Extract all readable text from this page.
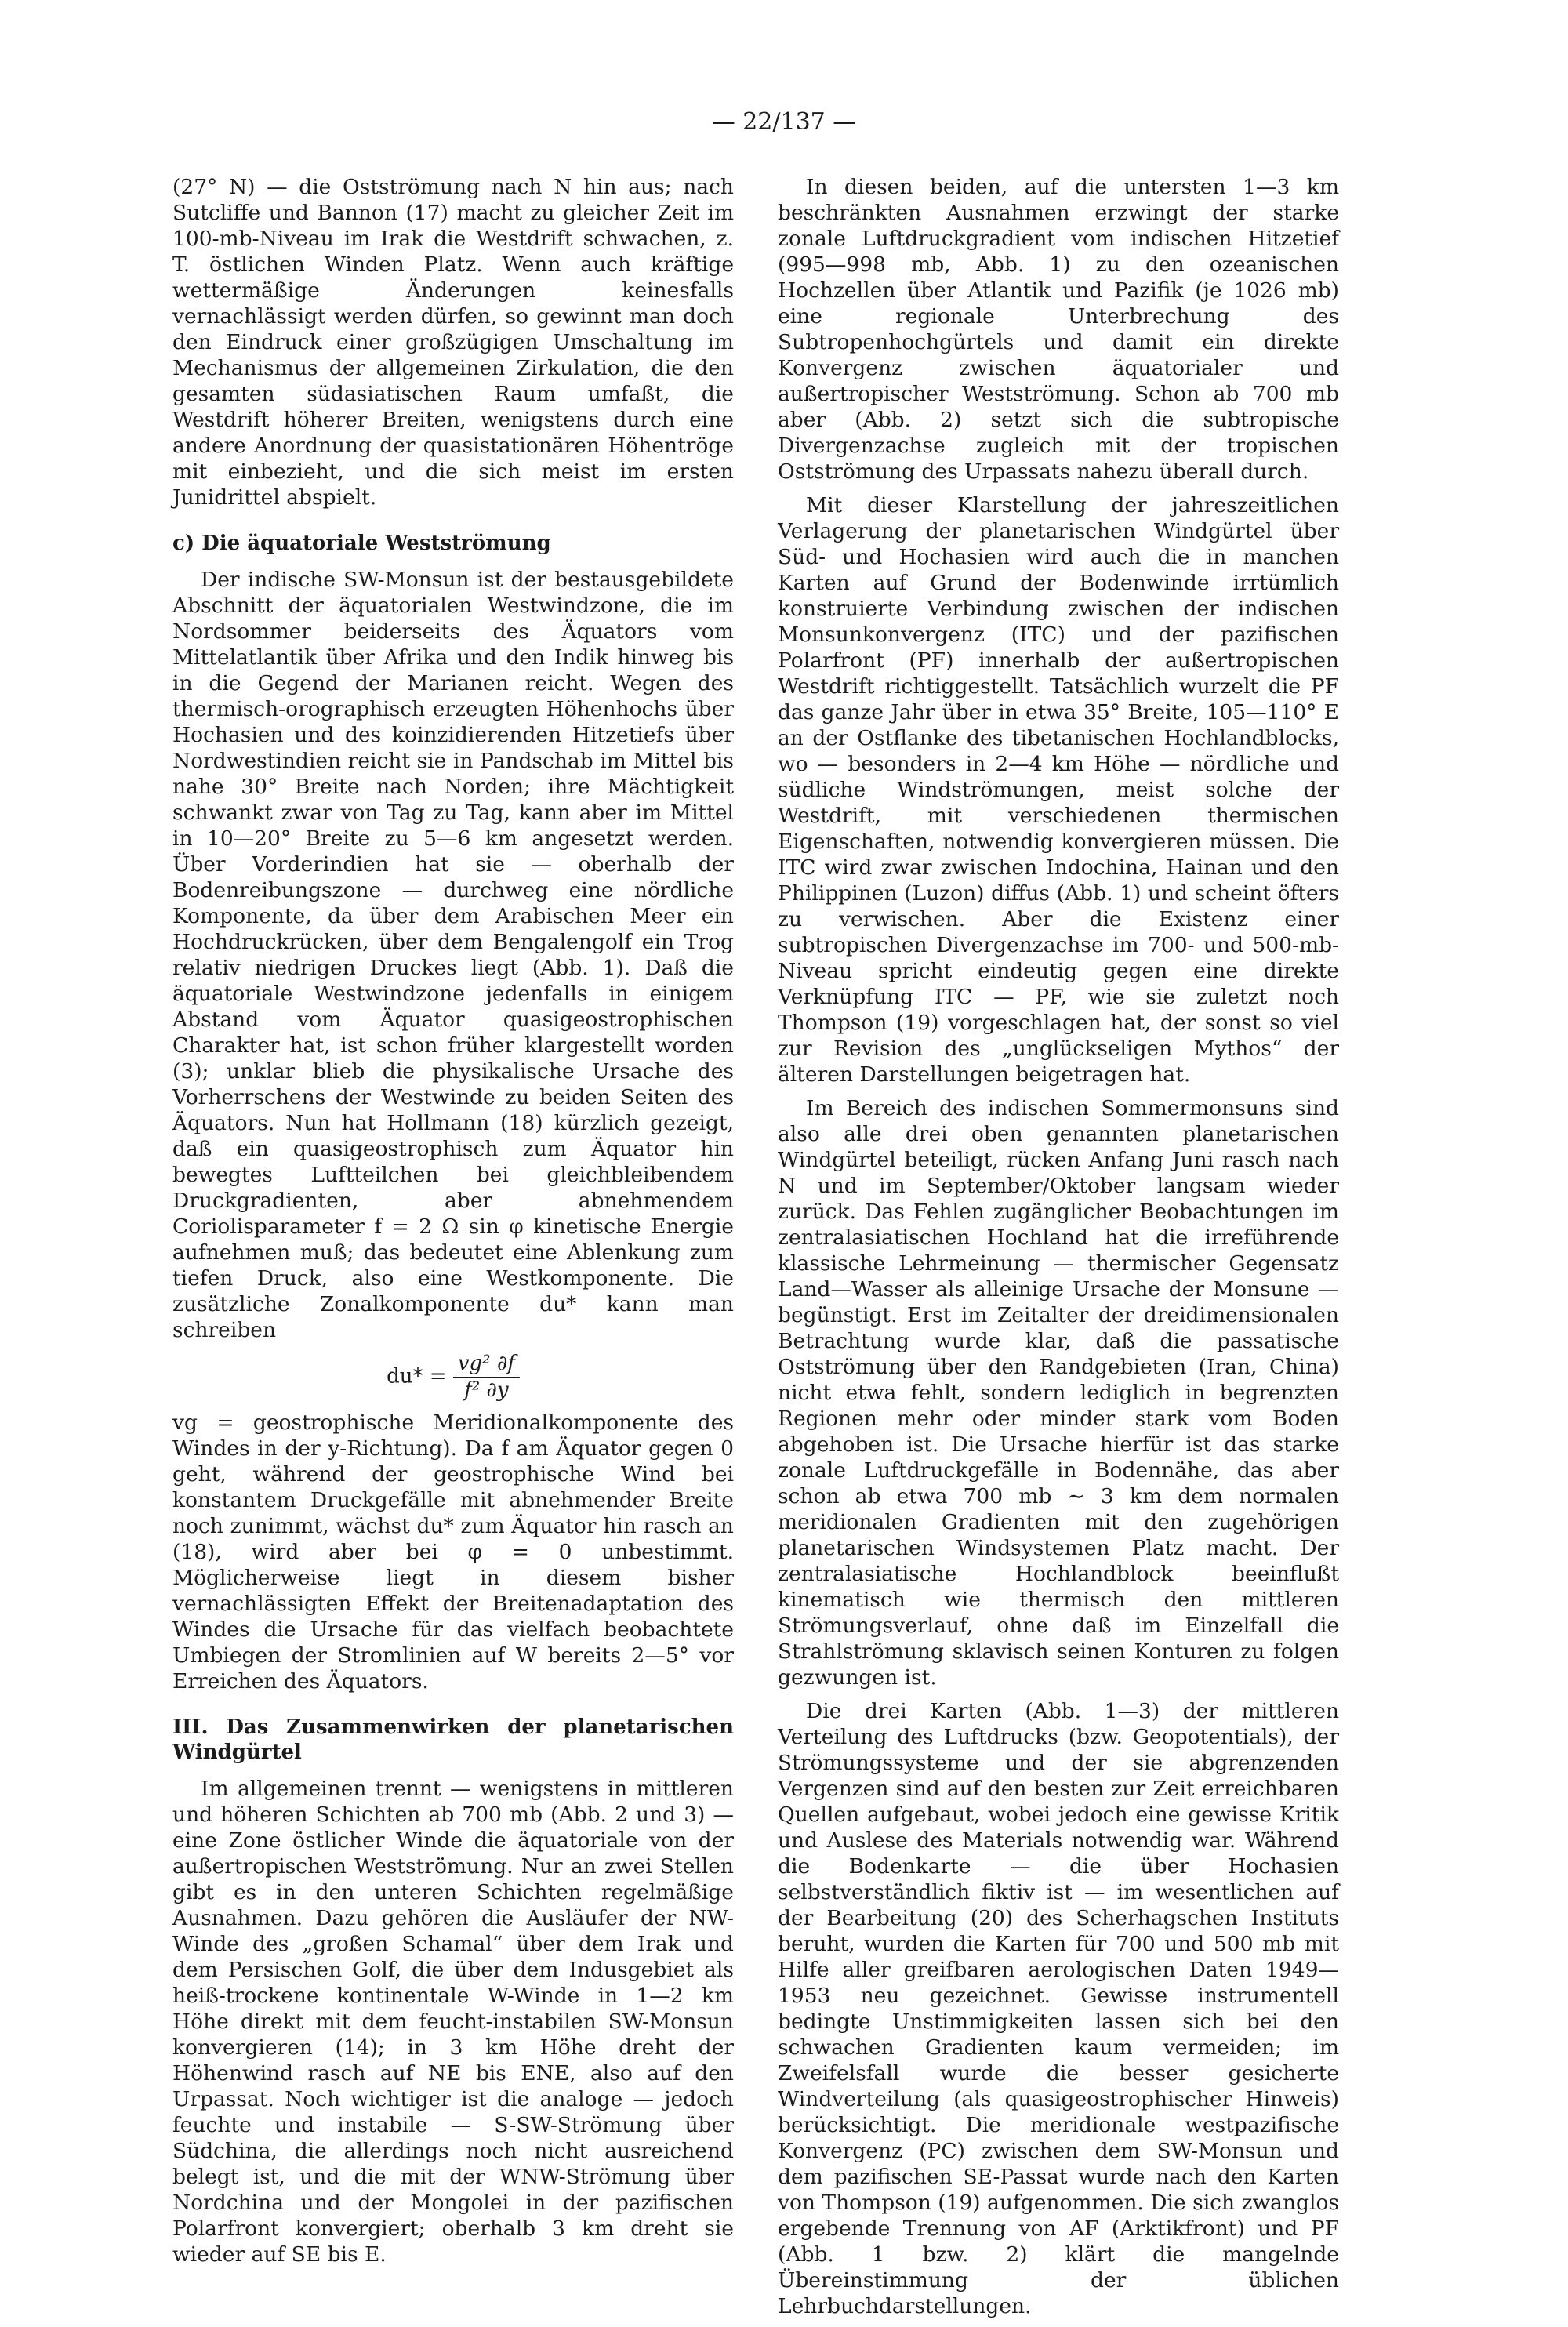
— 22/137 —

(27° N) — die Ostströmung nach N hin aus; nach Sutcliffe und Bannon (17) macht zu gleicher Zeit im 100-mb-Niveau im Irak die Westdrift schwachen, z. T. östlichen Winden Platz. Wenn auch kräftige wettermäßige Änderungen keinesfalls vernachlässigt werden dürfen, so gewinnt man doch den Eindruck einer großzügigen Umschaltung im Mechanismus der allgemeinen Zirkulation, die den gesamten südasiatischen Raum umfaßt, die Westdrift höherer Breiten, wenigstens durch eine andere Anordnung der quasistationären Höhentröge mit einbezieht, und die sich meist im ersten Junidrittel abspielt.

c) Die äquatoriale Westströmung

Der indische SW-Monsun ist der bestausgebildete Abschnitt der äquatorialen Westwindzone, die im Nordsommer beiderseits des Äquators vom Mittelatlantik über Afrika und den Indik hinweg bis in die Gegend der Marianen reicht. Wegen des thermisch-orographisch erzeugten Höhenhochs über Hochasien und des koinzidierenden Hitzetiefs über Nordwestindien reicht sie in Pandschab im Mittel bis nahe 30° Breite nach Norden; ihre Mächtigkeit schwankt zwar von Tag zu Tag, kann aber im Mittel in 10—20° Breite zu 5—6 km angesetzt werden. Über Vorderindien hat sie — oberhalb der Bodenreibungszone — durchweg eine nördliche Komponente, da über dem Arabischen Meer ein Hochdruckrücken, über dem Bengalengolf ein Trog relativ niedrigen Druckes liegt (Abb. 1). Daß die äquatoriale Westwindzone jedenfalls in einigem Abstand vom Äquator quasigeostrophischen Charakter hat, ist schon früher klargestellt worden (3); unklar blieb die physikalische Ursache des Vorherrschens der Westwinde zu beiden Seiten des Äquators. Nun hat Hollmann (18) kürzlich gezeigt, daß ein quasigeostrophisch zum Äquator hin bewegtes Luftteilchen bei gleichbleibendem Druckgradienten, aber abnehmendem Coriolisparameter f = 2 Ω sin φ kinetische Energie aufnehmen muß; das bedeutet eine Ablenkung zum tiefen Druck, also eine Westkomponente. Die zusätzliche Zonalkomponente du* kann man schreiben

$du* = \frac{\text{vg² ∂f}}{\text{f² ∂y}}$

vg = geostrophische Meridionalkomponente des Windes in der y-Richtung). Da f am Äquator gegen 0 geht, während der geostrophische Wind bei konstantem Druckgefälle mit abnehmender Breite noch zunimmt, wächst du* zum Äquator hin rasch an (18), wird aber bei φ = 0 unbestimmt. Möglicherweise liegt in diesem bisher vernachlässigten Effekt der Breitenadaptation des Windes die Ursache für das vielfach beobachtete Umbiegen der Stromlinien auf W bereits 2—5° vor Erreichen des Äquators.

III. Das Zusammenwirken der planetarischen Windgürtel

Im allgemeinen trennt — wenigstens in mittleren und höheren Schichten ab 700 mb (Abb. 2 und 3) — eine Zone östlicher Winde die äquatoriale von der außertropischen Westströmung. Nur an zwei Stellen gibt es in den unteren Schichten regelmäßige Ausnahmen. Dazu gehören die Ausläufer der NW-Winde des „großen Schamal“ über dem Irak und dem Persischen Golf, die über dem Indusgebiet als heiß-trockene kontinentale W-Winde in 1—2 km Höhe direkt mit dem feucht-instabilen SW-Monsun konvergieren (14); in 3 km Höhe dreht der Höhenwind rasch auf NE bis ENE, also auf den Urpassat. Noch wichtiger ist die analoge — jedoch feuchte und instabile — S-SW-Strömung über Südchina, die allerdings noch nicht ausreichend belegt ist, und die mit der WNW-Strömung über Nordchina und der Mongolei in der pazifischen Polarfront konvergiert; oberhalb 3 km dreht sie wieder auf SE bis E.

In diesen beiden, auf die untersten 1—3 km beschränkten Ausnahmen erzwingt der starke zonale Luftdruckgradient vom indischen Hitzetief (995—998 mb, Abb. 1) zu den ozeanischen Hochzellen über Atlantik und Pazifik (je 1026 mb) eine regionale Unterbrechung des Subtropenhochgürtels und damit ein direkte Konvergenz zwischen äquatorialer und außertropischer Westströmung. Schon ab 700 mb aber (Abb. 2) setzt sich die subtropische Divergenzachse zugleich mit der tropischen Ostströmung des Urpassats nahezu überall durch.

Mit dieser Klarstellung der jahreszeitlichen Verlagerung der planetarischen Windgürtel über Süd- und Hochasien wird auch die in manchen Karten auf Grund der Bodenwinde irrtümlich konstruierte Verbindung zwischen der indischen Monsunkonvergenz (ITC) und der pazifischen Polarfront (PF) innerhalb der außertropischen Westdrift richtiggestellt. Tatsächlich wurzelt die PF das ganze Jahr über in etwa 35° Breite, 105—110° E an der Ostflanke des tibetanischen Hochlandblocks, wo — besonders in 2—4 km Höhe — nördliche und südliche Windströmungen, meist solche der Westdrift, mit verschiedenen thermischen Eigenschaften, notwendig konvergieren müssen. Die ITC wird zwar zwischen Indochina, Hainan und den Philippinen (Luzon) diffus (Abb. 1) und scheint öfters zu verwischen. Aber die Existenz einer subtropischen Divergenzachse im 700- und 500-mb-Niveau spricht eindeutig gegen eine direkte Verknüpfung ITC — PF, wie sie zuletzt noch Thompson (19) vorgeschlagen hat, der sonst so viel zur Revision des „unglückseligen Mythos“ der älteren Darstellungen beigetragen hat.

Im Bereich des indischen Sommermonsuns sind also alle drei oben genannten planetarischen Windgürtel beteiligt, rücken Anfang Juni rasch nach N und im September/Oktober langsam wieder zurück. Das Fehlen zugänglicher Beobachtungen im zentralasiatischen Hochland hat die irreführende klassische Lehrmeinung — thermischer Gegensatz Land—Wasser als alleinige Ursache der Monsune — begünstigt. Erst im Zeitalter der dreidimensionalen Betrachtung wurde klar, daß die passatische Ostströmung über den Randgebieten (Iran, China) nicht etwa fehlt, sondern lediglich in begrenzten Regionen mehr oder minder stark vom Boden abgehoben ist. Die Ursache hierfür ist das starke zonale Luftdruckgefälle in Bodennähe, das aber schon ab etwa 700 mb ∼ 3 km dem normalen meridionalen Gradienten mit den zugehörigen planetarischen Windsystemen Platz macht. Der zentralasiatische Hochlandblock beeinflußt kinematisch wie thermisch den mittleren Strömungsverlauf, ohne daß im Einzelfall die Strahlströmung sklavisch seinen Konturen zu folgen gezwungen ist.

Die drei Karten (Abb. 1—3) der mittleren Verteilung des Luftdrucks (bzw. Geopotentials), der Strömungssysteme und der sie abgrenzenden Vergenzen sind auf den besten zur Zeit erreichbaren Quellen aufgebaut, wobei jedoch eine gewisse Kritik und Auslese des Materials notwendig war. Während die Bodenkarte — die über Hochasien selbstverständlich fiktiv ist — im wesentlichen auf der Bearbeitung (20) des Scherhagschen Instituts beruht, wurden die Karten für 700 und 500 mb mit Hilfe aller greifbaren aerologischen Daten 1949—1953 neu gezeichnet. Gewisse instrumentell bedingte Unstimmigkeiten lassen sich bei den schwachen Gradienten kaum vermeiden; im Zweifelsfall wurde die besser gesicherte Windverteilung (als quasigeostrophischer Hinweis) berücksichtigt. Die meridionale westpazifische Konvergenz (PC) zwischen dem SW-Monsun und dem pazifischen SE-Passat wurde nach den Karten von Thompson (19) aufgenommen. Die sich zwanglos ergebende Trennung von AF (Arktikfront) und PF (Abb. 1 bzw. 2) klärt die mangelnde Übereinstimmung der üblichen Lehrbuchdarstellungen.
